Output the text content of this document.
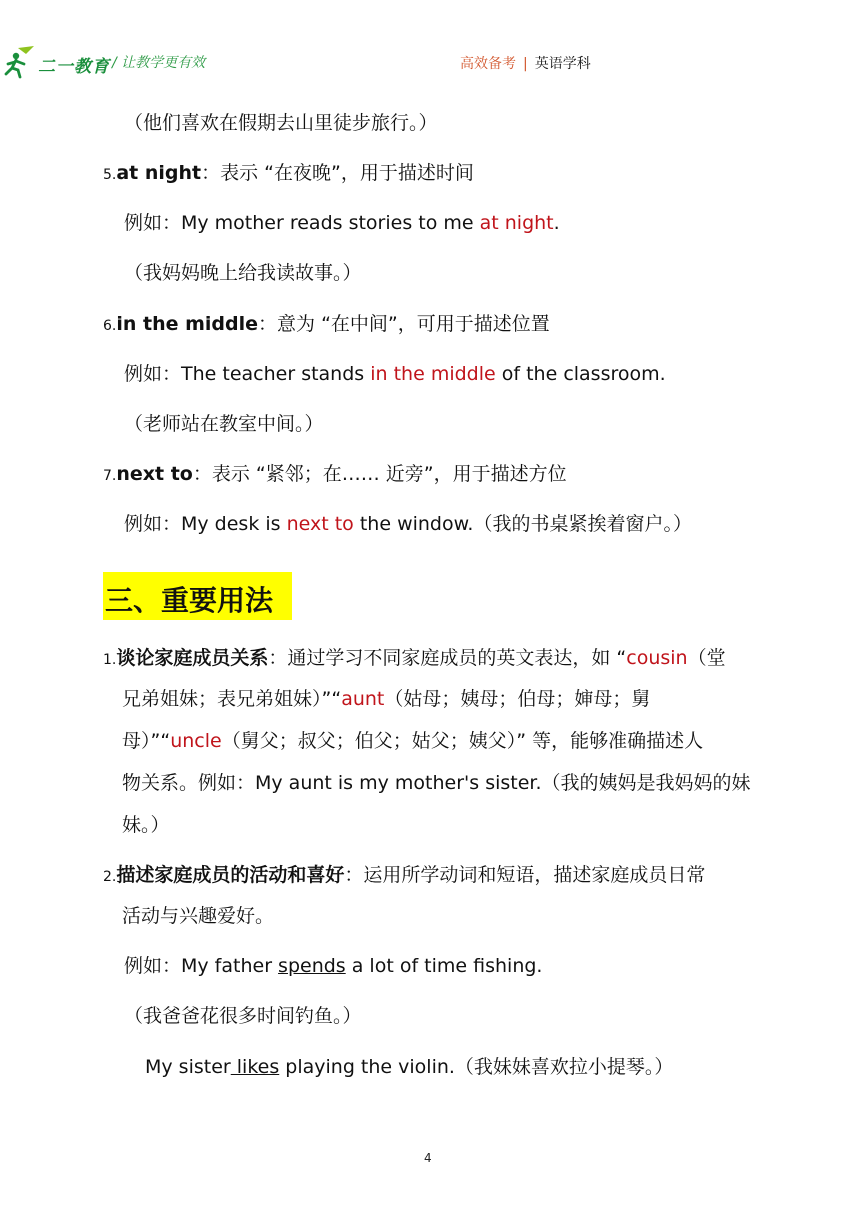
二一教育 / 让教学更有效	高效备考 | 英语学科
（他们喜欢在假期去山里徒步旅行。）
5.at night：表示 “在夜晚”，用于描述时间
例如：My mother reads stories to me at night.
（我妈妈晚上给我读故事。）
6.in the middle：意为 “在中间”，可用于描述位置
例如：The teacher stands in the middle of the classroom.
（老师站在教室中间。）
7.next to：表示 “紧邻；在…… 近旁”，用于描述方位
例如：My desk is next to the window.（我的书桌紧挨着窗户。）
三、重要用法
1.谈论家庭成员关系：通过学习不同家庭成员的英文表达，如 “cousin（堂
兄弟姐妹；表兄弟姐妹）”“aunt（姑母；姨母；伯母；婶母；舅
母）”“uncle（舅父；叔父；伯父；姑父；姨父）” 等，能够准确描述人
物关系。例如：My aunt is my mother's sister.（我的姨妈是我妈妈的妹
妹。）
2.描述家庭成员的活动和喜好：运用所学动词和短语，描述家庭成员日常
活动与兴趣爱好。
例如：My father spends a lot of time fishing.
（我爸爸花很多时间钓鱼。）
My sister likes playing the violin.（我妹妹喜欢拉小提琴。）
4
